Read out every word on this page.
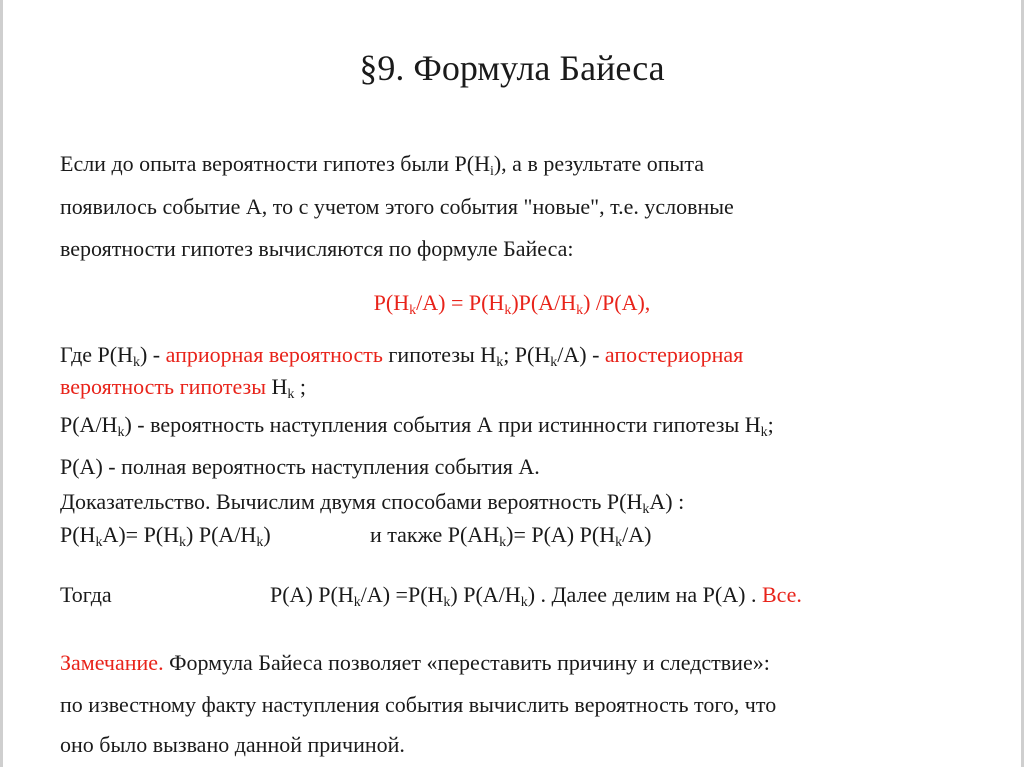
§9. Формула Байеса
Если до опыта вероятности гипотез были $P(H_i)$, а в результате опыта
появилось событие А, то с учетом этого события "новые", т.е. условные
вероятности гипотез вычисляются по формуле Байеса:
$P(H_k/A) = P(H_k)P(A/H_k)$ /P(A),
Где $P(H_k)$ - априорная вероятность гипотезы $H_k$; $P(H_k/A)$ - апостериорная
вероятность гипотезы $H_k$ ;
$P(A/H_k)$ - вероятность наступления события А при истинности гипотезы $H_k$;
P(A) - полная вероятность наступления события А.
Доказательство. Вычислим двумя способами вероятность $P(H_kA)$ :
$P(H_kA)= P(H_k)$ $P(A/H_k)$	и также $P(AH_k)= P(A)$ $P(H_k/A)$
Тогда	P(A) $P(H_k/A) =P(H_k)$ $P(A/H_k)$ . Далее делим на P(A) . Все.
Замечание. Формула Байеса позволяет «переставить причину и следствие»:
по известному факту наступления события вычислить вероятность того, что
оно было вызвано данной причиной.
